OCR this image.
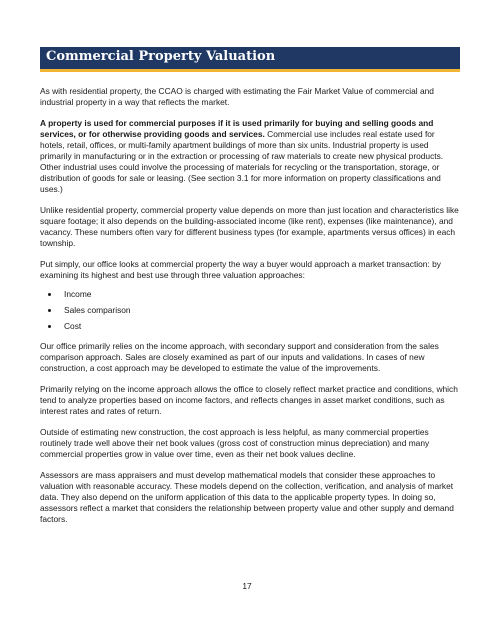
Commercial Property Valuation

As with residential property, the CCAO is charged with estimating the Fair Market Value of commercial and industrial property in a way that reflects the market.

A property is used for commercial purposes if it is used primarily for buying and selling goods and services, or for otherwise providing goods and services. Commercial use includes real estate used for hotels, retail, offices, or multi-family apartment buildings of more than six units. Industrial property is used primarily in manufacturing or in the extraction or processing of raw materials to create new physical products. Other industrial uses could involve the processing of materials for recycling or the transportation, storage, or distribution of goods for sale or leasing. (See section 3.1 for more information on property classifications and uses.)

Unlike residential property, commercial property value depends on more than just location and characteristics like square footage; it also depends on the building-associated income (like rent), expenses (like maintenance), and vacancy. These numbers often vary for different business types (for example, apartments versus offices) in each township.

Put simply, our office looks at commercial property the way a buyer would approach a market transaction: by examining its highest and best use through three valuation approaches:

• Income
• Sales comparison
• Cost

Our office primarily relies on the income approach, with secondary support and consideration from the sales comparison approach. Sales are closely examined as part of our inputs and validations. In cases of new construction, a cost approach may be developed to estimate the value of the improvements.

Primarily relying on the income approach allows the office to closely reflect market practice and conditions, which tend to analyze properties based on income factors, and reflects changes in asset market conditions, such as interest rates and rates of return.

Outside of estimating new construction, the cost approach is less helpful, as many commercial properties routinely trade well above their net book values (gross cost of construction minus depreciation) and many commercial properties grow in value over time, even as their net book values decline.

Assessors are mass appraisers and must develop mathematical models that consider these approaches to valuation with reasonable accuracy. These models depend on the collection, verification, and analysis of market data. They also depend on the uniform application of this data to the applicable property types. In doing so, assessors reflect a market that considers the relationship between property value and other supply and demand factors.

17
